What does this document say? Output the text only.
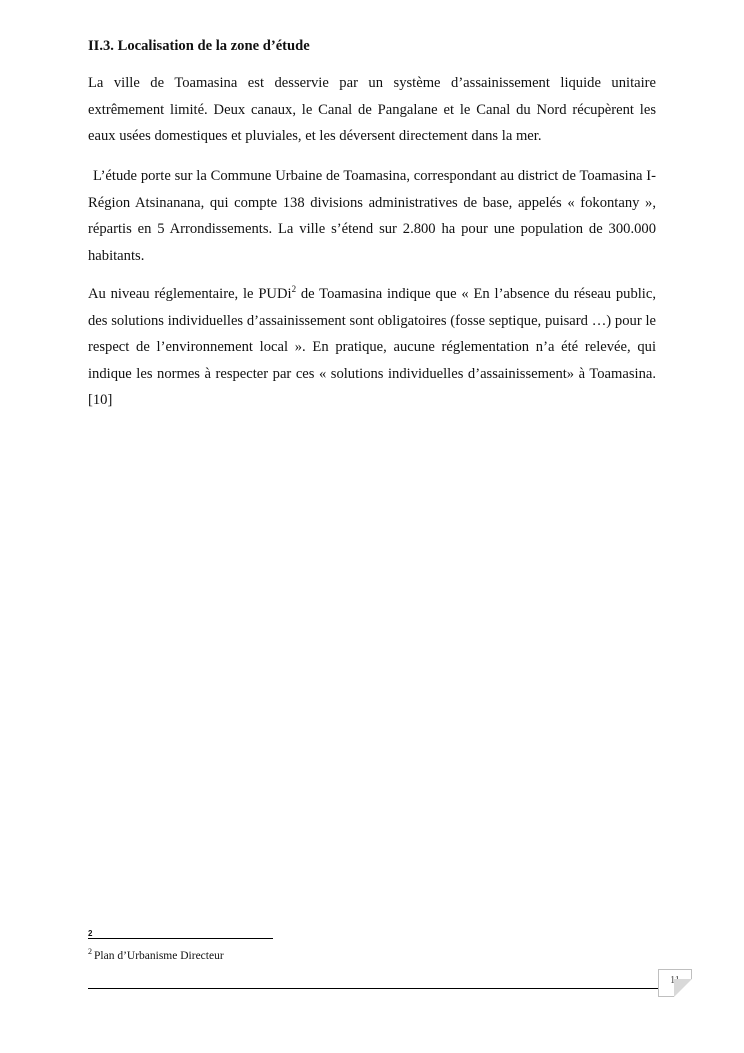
II.3. Localisation de la zone d’étude

La ville de Toamasina est desservie par un système d’assainissement liquide unitaire extrêmement limité. Deux canaux, le Canal de Pangalane et le Canal du Nord récupèrent les eaux usées domestiques et pluviales, et les déversent directement dans la mer.

L’étude porte sur la Commune Urbaine de Toamasina, correspondant au district de Toamasina I- Région Atsinanana, qui compte 138 divisions administratives de base, appelés « fokontany », répartis en 5 Arrondissements. La ville s’étend sur 2.800 ha pour une population de 300.000 habitants.

Au niveau réglementaire, le PUDi$^2$ de Toamasina indique que « En l’absence du réseau public, des solutions individuelles d’assainissement sont obligatoires (fosse septique, puisard …) pour le respect de l’environnement local ». En pratique, aucune réglementation n’a été relevée, qui indique les normes à respecter par ces « solutions individuelles d’assainissement» à Toamasina. [10]

2
$^2$ Plan d’Urbanisme Directeur
11
